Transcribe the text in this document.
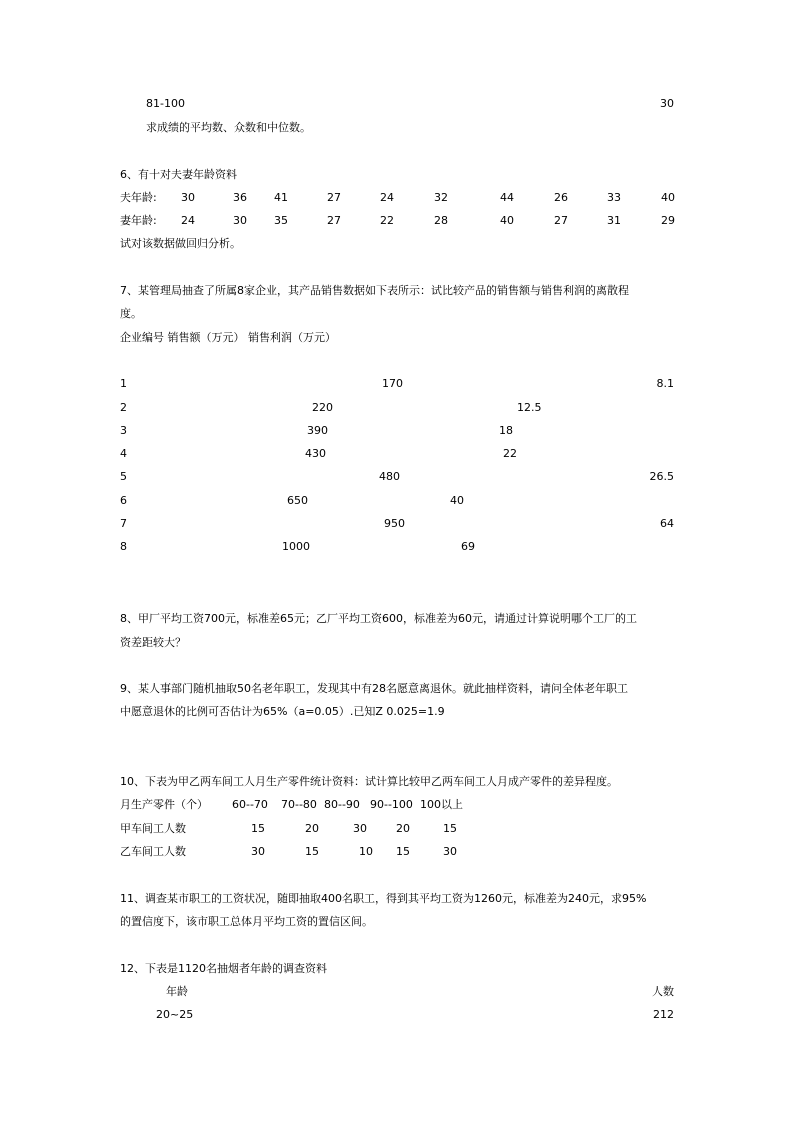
81-100	30
求成绩的平均数、众数和中位数。
6、有十对夫妻年龄资料
夫年龄: 30	36 41	27	24	32	44	26	33	40
妻年龄: 24	30 35	27	22	28	40	27	31	29
试对该数据做回归分析。
7、某管理局抽查了所属8家企业，其产品销售数据如下表所示：试比较产品的销售额与销售利润的离散程
度。
企业编号 销售额（万元） 销售利润（万元）
1	170	8.1
2	220	12.5
3	390	18
4	430	22
5	480	26.5
6	650	40
7	950	64
8	1000	69
8、甲厂平均工资700元，标准差65元；乙厂平均工资600，标准差为60元，请通过计算说明哪个工厂的工
资差距较大？
9、某人事部门随机抽取50名老年职工，发现其中有28名愿意离退休。就此抽样资料，请问全体老年职工
中愿意退休的比例可否估计为65%（a=0.05）.已知Z 0.025=1.9
10、下表为甲乙两车间工人月生产零件统计资料：试计算比较甲乙两车间工人月成产零件的差异程度。
月生产零件（个） 60--70 70--80 80--90 90--100 100以上
甲车间工人数	15	20	30	20	15
乙车间工人数	30	15	10 15	30
11、调查某市职工的工资状况，随即抽取400名职工，得到其平均工资为1260元，标准差为240元，求95%
的置信度下，该市职工总体月平均工资的置信区间。
12、下表是1120名抽烟者年龄的调查资料
年龄	人数
20~25	212
